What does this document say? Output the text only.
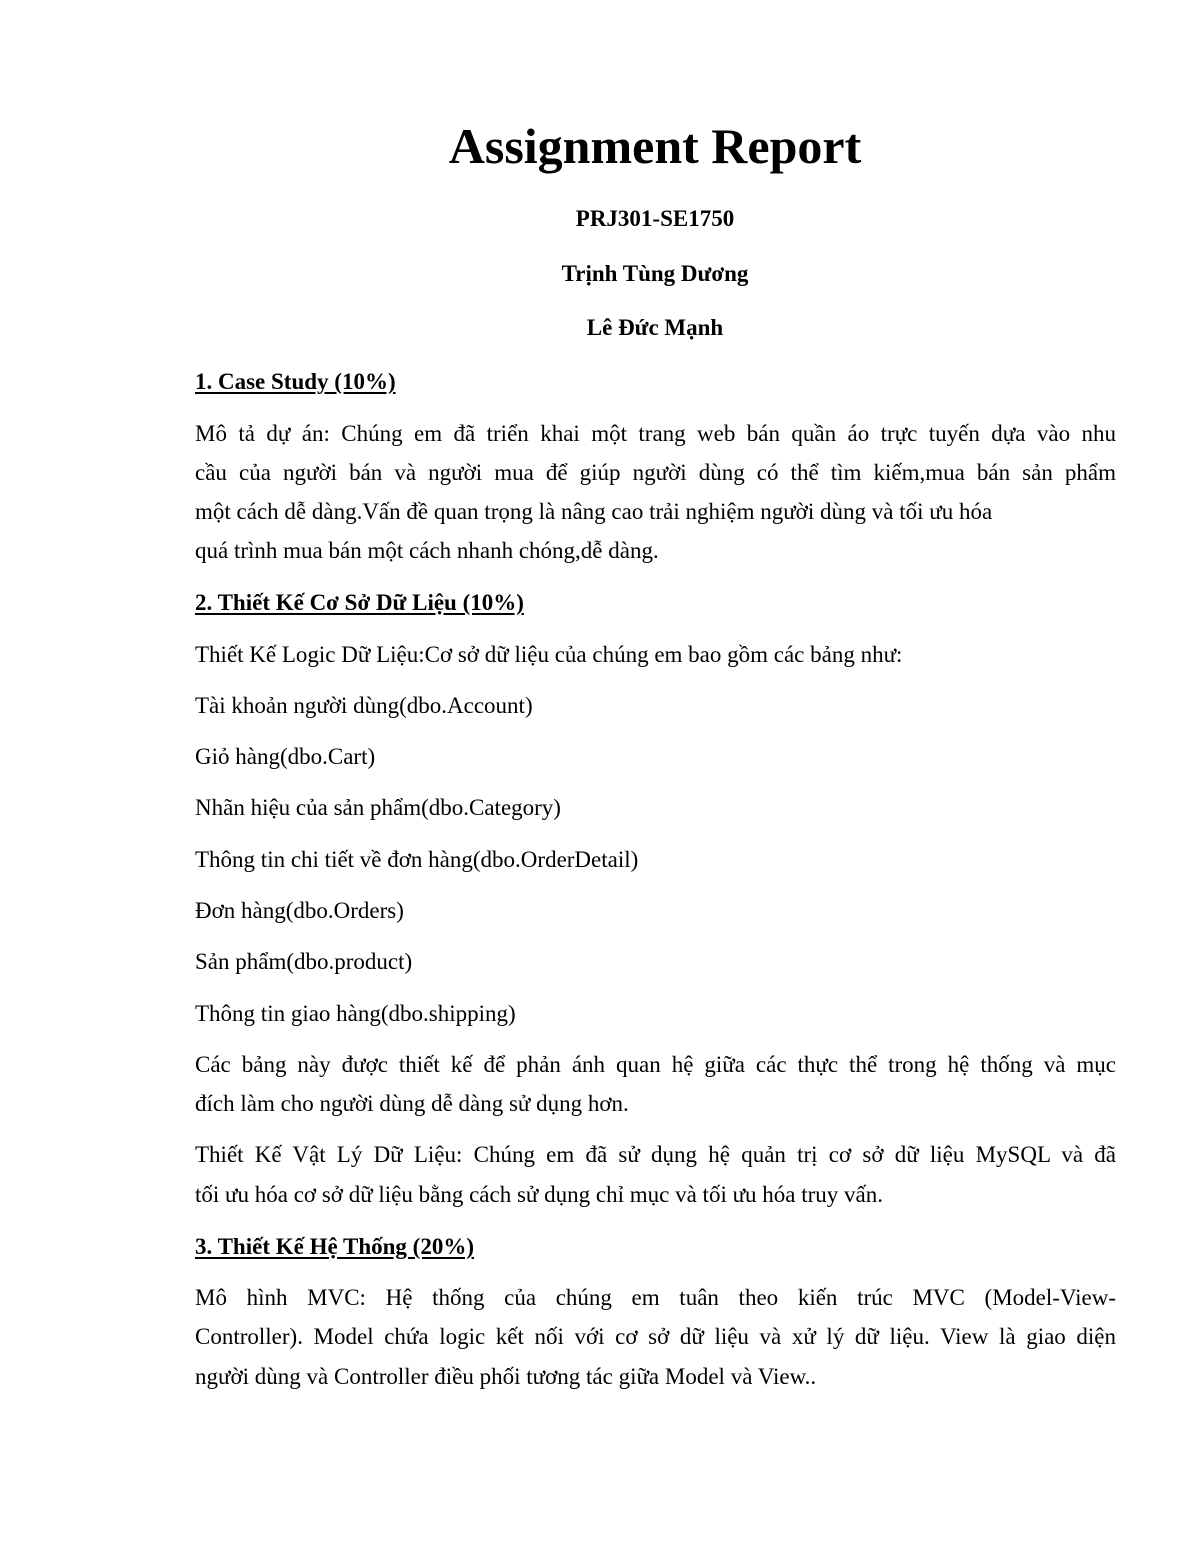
Assignment Report
PRJ301-SE1750
Trịnh Tùng Dương
Lê Đức Mạnh
1. Case Study (10%)
Mô tả dự án: Chúng em đã triển khai một trang web bán quần áo trực tuyến dựa vào nhu
cầu của người bán và người mua để giúp người dùng có thể tìm kiếm,mua bán sản phẩm
một cách dễ dàng.Vấn đề quan trọng là nâng cao trải nghiệm người dùng và tối ưu hóa
quá trình mua bán một cách nhanh chóng,dễ dàng.
2. Thiết Kế Cơ Sở Dữ Liệu (10%)
Thiết Kế Logic Dữ Liệu:Cơ sở dữ liệu của chúng em bao gồm các bảng như:
Tài khoản người dùng(dbo.Account)
Giỏ hàng(dbo.Cart)
Nhãn hiệu của sản phẩm(dbo.Category)
Thông tin chi tiết về đơn hàng(dbo.OrderDetail)
Đơn hàng(dbo.Orders)
Sản phẩm(dbo.product)
Thông tin giao hàng(dbo.shipping)
Các bảng này được thiết kế để phản ánh quan hệ giữa các thực thể trong hệ thống và mục
đích làm cho người dùng dễ dàng sử dụng hơn.
Thiết Kế Vật Lý Dữ Liệu: Chúng em đã sử dụng hệ quản trị cơ sở dữ liệu MySQL và đã
tối ưu hóa cơ sở dữ liệu bằng cách sử dụng chỉ mục và tối ưu hóa truy vấn.
3. Thiết Kế Hệ Thống (20%)
Mô hình MVC: Hệ thống của chúng em tuân theo kiến trúc MVC (Model-View-
Controller). Model chứa logic kết nối với cơ sở dữ liệu và xử lý dữ liệu. View là giao diện
người dùng và Controller điều phối tương tác giữa Model và View..
